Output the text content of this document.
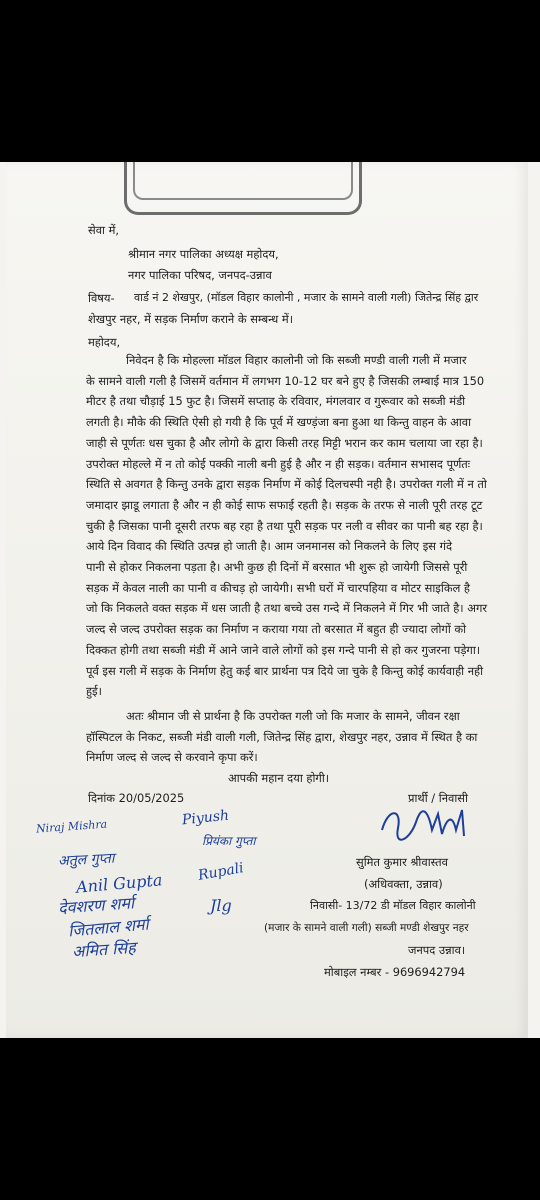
सेवा में,
श्रीमान नगर पालिका अध्यक्ष महोदय,
नगर पालिका परिषद, जनपद-उन्नाव
विषय- वार्ड नं 2 शेखपुर, (मॉडल विहार कालोनी , मजार के सामने वाली गली) जितेन्द्र सिंह द्वार
शेखपुर नहर, में सड़क निर्माण कराने के सम्बन्ध में।
महोदय,
निवेदन है कि मोहल्ला मॉडल विहार कालोनी जो कि सब्जी मण्डी वाली गली में मजार
के सामने वाली गली है जिसमें वर्तमान में लगभग 10-12 घर बने हुए है जिसकी लम्बाई मात्र 150
मीटर है तथा चौड़ाई 15 फुट है। जिसमें सप्ताह के रविवार, मंगलवार व गुरूवार को सब्जी मंडी
लगती है। मौके की स्थिति ऐसी हो गयी है कि पूर्व में खण्ड़ंजा बना हुआ था किन्तु वाहन के आवा
जाही से पूर्णतः धस चुका है और लोगो के द्वारा किसी तरह मिट्टी भरान कर काम चलाया जा रहा है।
उपरोक्त मोहल्ले में न तो कोई पक्की नाली बनी हुई है और न ही सड़क। वर्तमान सभासद पूर्णतः
स्थिति से अवगत है किन्तु उनके द्वारा सड़क निर्माण में कोई दिलचस्पी नही है। उपरोक्त गली में न तो
जमादार झाडू लगाता है और न ही कोई साफ सफाई रहती है। सड़क के तरफ से नाली पूरी तरह टूट
चुकी है जिसका पानी दूसरी तरफ बह रहा है तथा पूरी सड़क पर नली व सीवर का पानी बह रहा है।
आये दिन विवाद की स्थिति उत्पन्न हो जाती है। आम जनमानस को निकलने के लिए इस गंदे
पानी से होकर निकलना पड़ता है। अभी कुछ ही दिनों में बरसात भी शुरू हो जायेगी जिससे पूरी
सड़क में केवल नाली का पानी व कीचड़ हो जायेगी। सभी घरों में चारपहिया व मोटर साइकिल है
जो कि निकलते वक्त सड़क में धस जाती है तथा बच्चे उस गन्दे में निकलने में गिर भी जाते है। अगर
जल्द से जल्द उपरोक्त सड़क का निर्माण न कराया गया तो बरसात में बहुत ही ज्यादा लोगों को
दिक्कत होगी तथा सब्जी मंडी में आने जाने वाले लोगों को इस गन्दे पानी से हो कर गुजरना पड़ेगा।
पूर्व इस गली में सड़क के निर्माण हेतु कई बार प्रार्थना पत्र दिये जा चुके है किन्तु कोई कार्यवाही नही
हुई।
अतः श्रीमान जी से प्रार्थना है कि उपरोक्त गली जो कि मजार के सामने, जीवन रक्षा
हॉस्पिटल के निकट, सब्जी मंडी वाली गली, जितेन्द्र सिंह द्वारा, शेखपुर नहर, उन्नाव में स्थित है का
निर्माण जल्द से जल्द से करवाने कृपा करें।
आपकी महान दया होगी।
दिनांक 20/05/2025	प्रार्थी / निवासी
सुमित कुमार श्रीवास्तव
(अधिवक्ता, उन्नाव)
निवासी- 13/72 डी मॉडल विहार कालोनी
(मजार के सामने वाली गली) सब्जी मण्डी शेखपुर नहर
जनपद उन्नाव।
मोबाइल नम्बर - 9696942794
Niraj Mishra	Piyush
प्रियंका गुप्ता
अतुल गुप्ता
Anil Gupta
देवशरण शर्मा
जितलाल शर्मा
अमित सिंह
Rupali
Jlg
